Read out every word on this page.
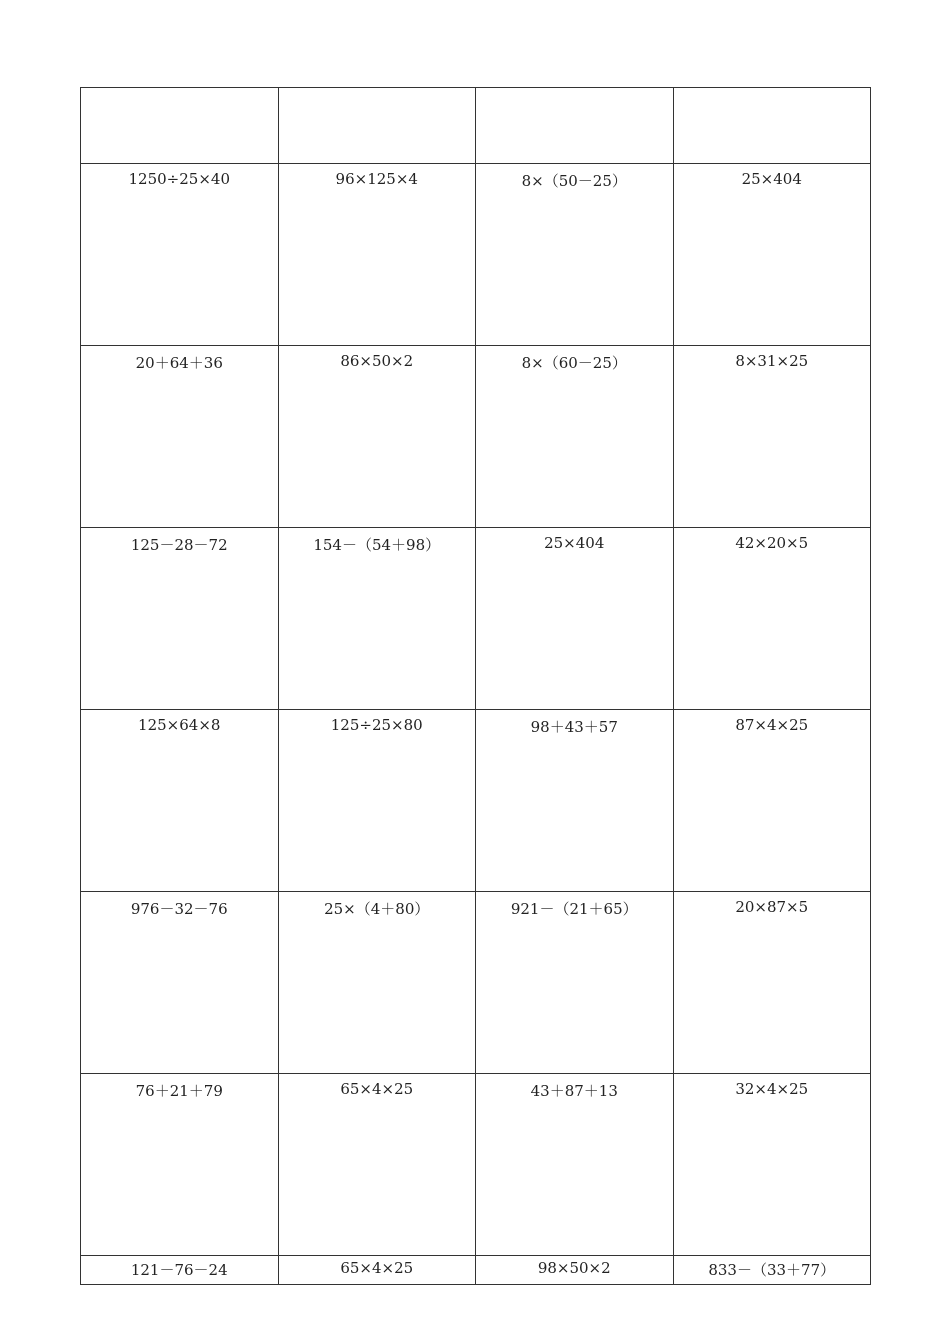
1250÷25×40	96×125×4	8×（50－25）	25×404
20＋64＋36	86×50×2	8×（60－25）	8×31×25
125－28－72	154－（54＋98）	25×404	42×20×5
125×64×8	125÷25×80	98＋43＋57	87×4×25
976－32－76	25×（4＋80）	921－（21＋65）	20×87×5
76＋21＋79	65×4×25	43＋87＋13	32×4×25
121－76－24	65×4×25	98×50×2	833－（33＋77）
